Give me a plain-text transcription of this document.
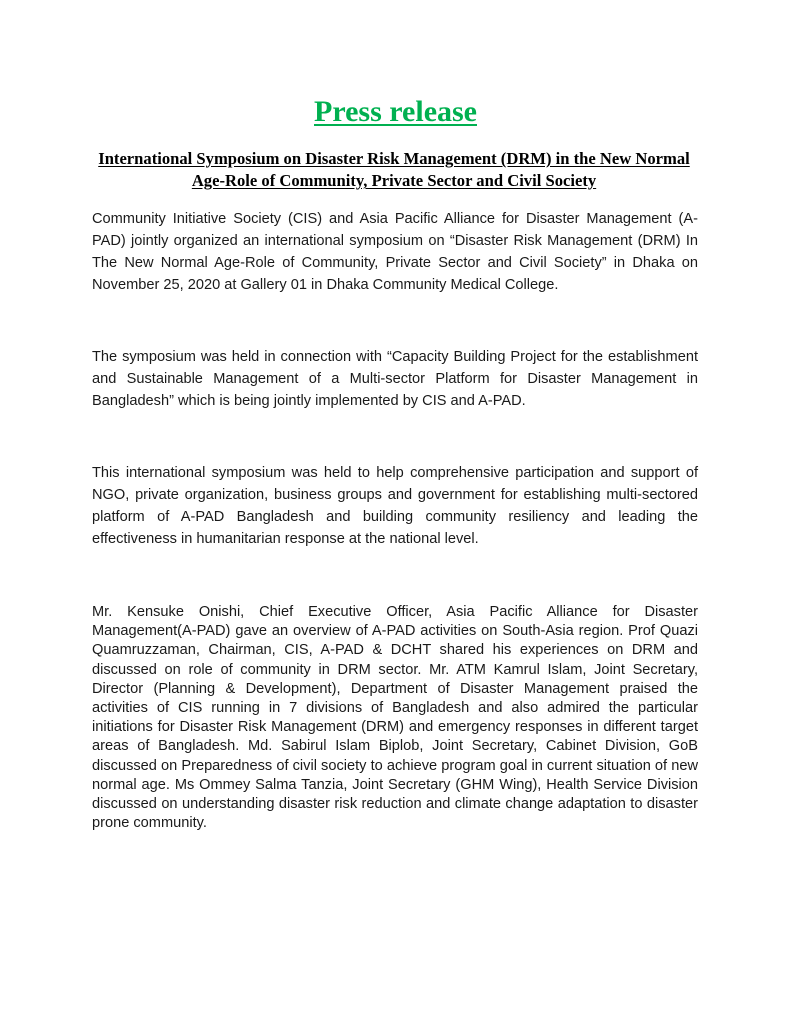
Press release
International Symposium on Disaster Risk Management (DRM) in the New Normal Age-Role of Community, Private Sector and Civil Society

Community Initiative Society (CIS) and Asia Pacific Alliance for Disaster Management (A-PAD) jointly organized an international symposium on “Disaster Risk Management (DRM) In The New Normal Age-Role of Community, Private Sector and Civil Society” in Dhaka on November 25, 2020 at Gallery 01 in Dhaka Community Medical College.

The symposium was held in connection with “Capacity Building Project for the establishment and Sustainable Management of a Multi-sector Platform for Disaster Management in Bangladesh” which is being jointly implemented by CIS and A-PAD.

This international symposium was held to help comprehensive participation and support of NGO, private organization, business groups and government for establishing multi-sectored platform of A-PAD Bangladesh and building community resiliency and leading the effectiveness in humanitarian response at the national level.

Mr. Kensuke Onishi, Chief Executive Officer, Asia Pacific Alliance for Disaster Management(A-PAD) gave an overview of A-PAD activities on South-Asia region. Prof Quazi Quamruzzaman, Chairman, CIS, A-PAD & DCHT shared his experiences on DRM and discussed on role of community in DRM sector. Mr. ATM Kamrul Islam, Joint Secretary, Director (Planning & Development), Department of Disaster Management praised the activities of CIS running in 7 divisions of Bangladesh and also admired the particular initiations for Disaster Risk Management (DRM) and emergency responses in different target areas of Bangladesh. Md. Sabirul Islam Biplob, Joint Secretary, Cabinet Division, GoB discussed on Preparedness of civil society to achieve program goal in current situation of new normal age. Ms Ommey Salma Tanzia, Joint Secretary (GHM Wing), Health Service Division discussed on understanding disaster risk reduction and climate change adaptation to disaster prone community.
